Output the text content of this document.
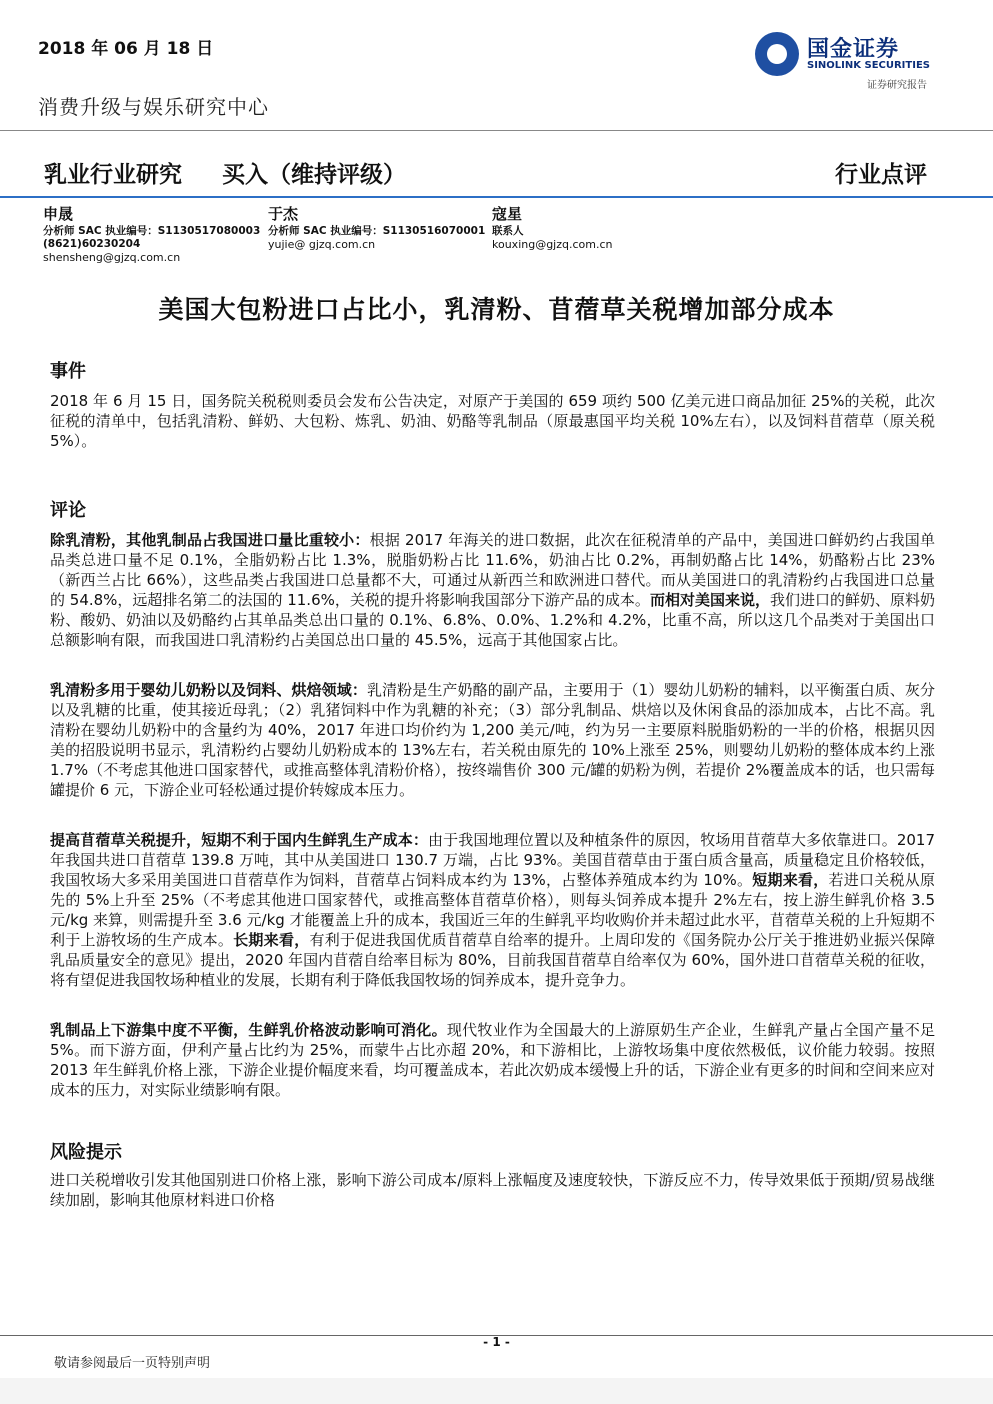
2018 年 06 月 18 日	国金证券
SINOLINK SECURITIES
证券研究报告
消费升级与娱乐研究中心
乳业行业研究 买入（维持评级）	行业点评
申晟
分析师 SAC 执业编号：S1130517080003
(8621)60230204
shensheng@gjzq.com.cn
于杰
分析师 SAC 执业编号：S1130516070001
yujie@ gjzq.com.cn
寇星
联系人
kouxing@gjzq.com.cn
美国大包粉进口占比小，乳清粉、苜蓿草关税增加部分成本
事件
2018 年 6 月 15 日，国务院关税税则委员会发布公告决定，对原产于美国的 659 项约 500 亿美元进口商品加征 25%的关税，此次征税的清单中，包括乳清粉、鲜奶、大包粉、炼乳、奶油、奶酪等乳制品（原最惠国平均关税 10%左右），以及饲料苜蓿草（原关税 5%）。
评论
除乳清粉，其他乳制品占我国进口量比重较小：根据 2017 年海关的进口数据，此次在征税清单的产品中，美国进口鲜奶约占我国单品类总进口量不足 0.1%，全脂奶粉占比 1.3%，脱脂奶粉占比 11.6%，奶油占比 0.2%，再制奶酪占比 14%，奶酪粉占比 23%（新西兰占比 66%），这些品类占我国进口总量都不大，可通过从新西兰和欧洲进口替代。而从美国进口的乳清粉约占我国进口总量的 54.8%，远超排名第二的法国的 11.6%，关税的提升将影响我国部分下游产品的成本。而相对美国来说，我们进口的鲜奶、原料奶粉、酸奶、奶油以及奶酪约占其单品类总出口量的 0.1%、6.8%、0.0%、1.2%和 4.2%，比重不高，所以这几个品类对于美国出口总额影响有限，而我国进口乳清粉约占美国总出口量的 45.5%，远高于其他国家占比。
乳清粉多用于婴幼儿奶粉以及饲料、烘焙领域：乳清粉是生产奶酪的副产品，主要用于（1）婴幼儿奶粉的辅料，以平衡蛋白质、灰分以及乳糖的比重，使其接近母乳；（2）乳猪饲料中作为乳糖的补充；（3）部分乳制品、烘焙以及休闲食品的添加成本，占比不高。乳清粉在婴幼儿奶粉中的含量约为 40%，2017 年进口均价约为 1,200 美元/吨，约为另一主要原料脱脂奶粉的一半的价格，根据贝因美的招股说明书显示，乳清粉约占婴幼儿奶粉成本的 13%左右，若关税由原先的 10%上涨至 25%，则婴幼儿奶粉的整体成本约上涨 1.7%（不考虑其他进口国家替代，或推高整体乳清粉价格），按终端售价 300 元/罐的奶粉为例，若提价 2%覆盖成本的话，也只需每罐提价 6 元，下游企业可轻松通过提价转嫁成本压力。
提高苜蓿草关税提升，短期不利于国内生鲜乳生产成本：由于我国地理位置以及种植条件的原因，牧场用苜蓿草大多依靠进口。2017 年我国共进口苜蓿草 139.8 万吨，其中从美国进口 130.7 万端，占比 93%。美国苜蓿草由于蛋白质含量高，质量稳定且价格较低，我国牧场大多采用美国进口苜蓿草作为饲料，苜蓿草占饲料成本约为 13%，占整体养殖成本约为 10%。短期来看，若进口关税从原先的 5%上升至 25%（不考虑其他进口国家替代，或推高整体苜蓿草价格），则每头饲养成本提升 2%左右，按上游生鲜乳价格 3.5 元/kg 来算，则需提升至 3.6 元/kg 才能覆盖上升的成本，我国近三年的生鲜乳平均收购价并未超过此水平，苜蓿草关税的上升短期不利于上游牧场的生产成本。长期来看，有利于促进我国优质苜蓿草自给率的提升。上周印发的《国务院办公厅关于推进奶业振兴保障乳品质量安全的意见》提出，2020 年国内苜蓿自给率目标为 80%，目前我国苜蓿草自给率仅为 60%，国外进口苜蓿草关税的征收，将有望促进我国牧场种植业的发展，长期有利于降低我国牧场的饲养成本，提升竞争力。
乳制品上下游集中度不平衡，生鲜乳价格波动影响可消化。现代牧业作为全国最大的上游原奶生产企业，生鲜乳产量占全国产量不足 5%。而下游方面，伊利产量占比约为 25%，而蒙牛占比亦超 20%，和下游相比，上游牧场集中度依然极低，议价能力较弱。按照 2013 年生鲜乳价格上涨，下游企业提价幅度来看，均可覆盖成本，若此次奶成本缓慢上升的话，下游企业有更多的时间和空间来应对成本的压力，对实际业绩影响有限。
风险提示
进口关税增收引发其他国别进口价格上涨，影响下游公司成本/原料上涨幅度及速度较快，下游反应不力，传导效果低于预期/贸易战继续加剧，影响其他原材料进口价格
- 1 -
敬请参阅最后一页特别声明
